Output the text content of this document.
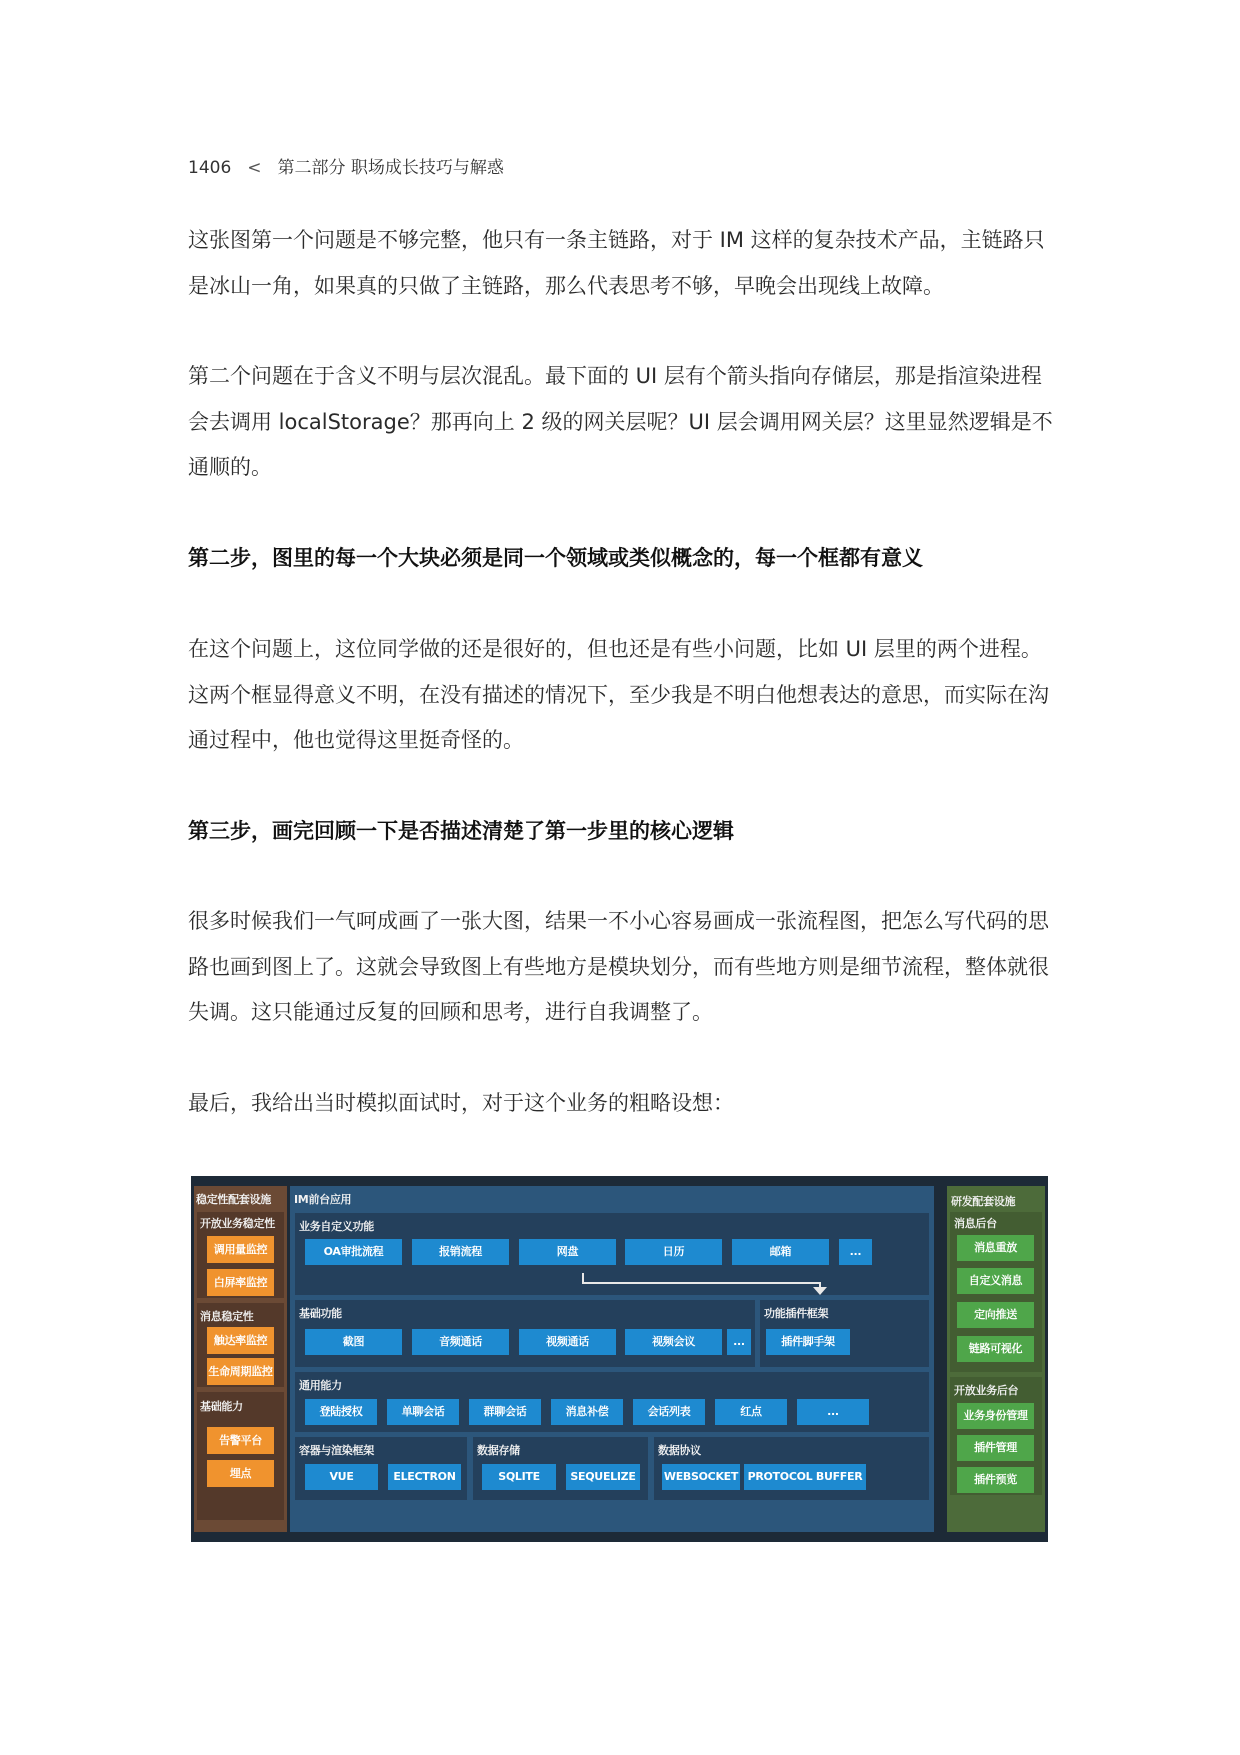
1406 < 第二部分 职场成长技巧与解惑

这张图第一个问题是不够完整，他只有一条主链路，对于 IM 这样的复杂技术产品，主链路只是冰山一角，如果真的只做了主链路，那么代表思考不够，早晚会出现线上故障。

第二个问题在于含义不明与层次混乱。最下面的 UI 层有个箭头指向存储层，那是指渲染进程会去调用 localStorage？那再向上 2 级的网关层呢？UI 层会调用网关层？这里显然逻辑是不通顺的。

第二步，图里的每一个大块必须是同一个领域或类似概念的，每一个框都有意义

在这个问题上，这位同学做的还是很好的，但也还是有些小问题，比如 UI 层里的两个进程。这两个框显得意义不明，在没有描述的情况下，至少我是不明白他想表达的意思，而实际在沟通过程中，他也觉得这里挺奇怪的。

第三步，画完回顾一下是否描述清楚了第一步里的核心逻辑

很多时候我们一气呵成画了一张大图，结果一不小心容易画成一张流程图，把怎么写代码的思路也画到图上了。这就会导致图上有些地方是模块划分，而有些地方则是细节流程，整体就很失调。这只能通过反复的回顾和思考，进行自我调整了。

最后，我给出当时模拟面试时，对于这个业务的粗略设想：

稳定性配套设施
开放业务稳定性
调用量监控
白屏率监控
消息稳定性
触达率监控
生命周期监控
基础能力
告警平台
埋点
IM前台应用
业务自定义功能
OA审批流程	报销流程	网盘	日历	邮箱	...
基础功能
截图	音频通话	视频通话	视频会议	...
功能插件框架
插件脚手架
通用能力
登陆授权	单聊会话	群聊会话	消息补偿	会话列表	红点	...
容器与渲染框架
VUE	ELECTRON
数据存储
SQLITE	SEQUELIZE
数据协议
WEBSOCKET PROTOCOL BUFFER
研发配套设施
消息后台
消息重放
自定义消息
定向推送
链路可视化
开放业务后台
业务身份管理
插件管理
插件预览
